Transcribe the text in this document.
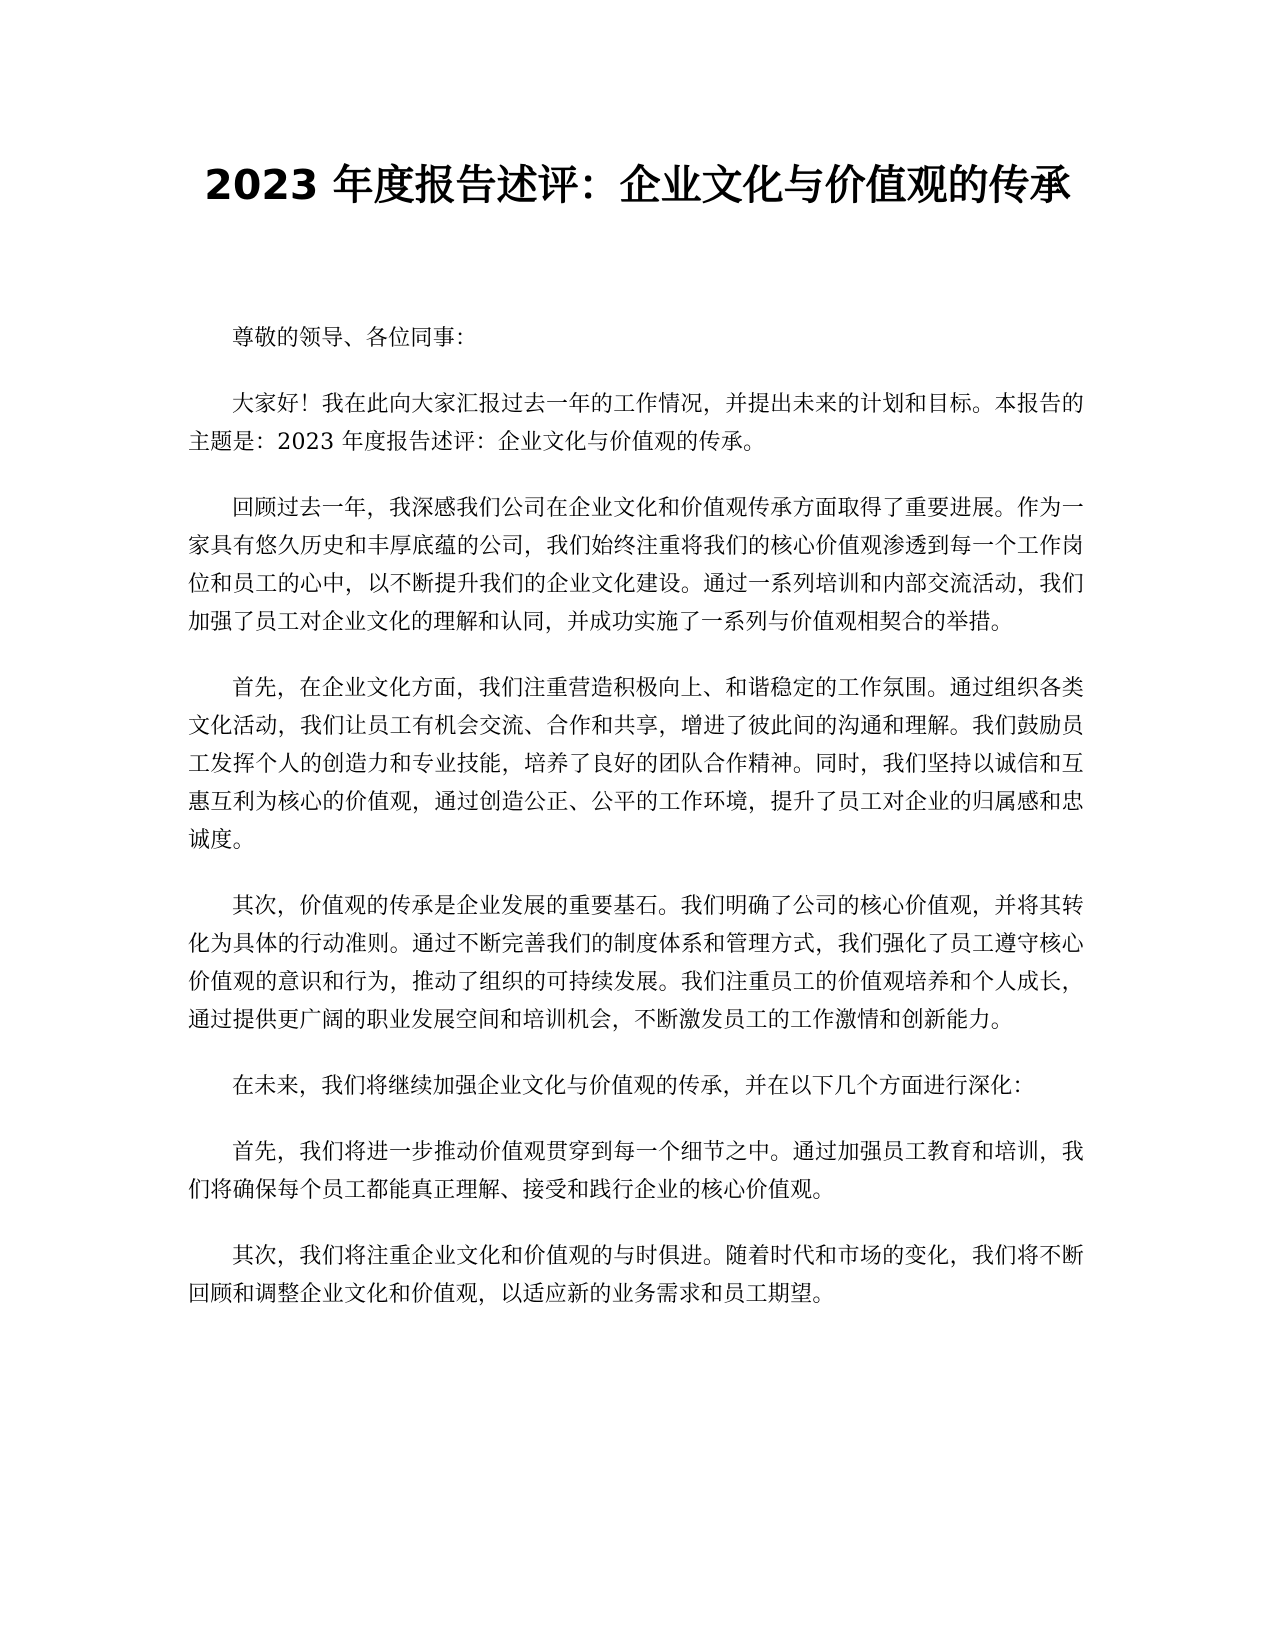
2023 年度报告述评：企业文化与价值观的传承

尊敬的领导、各位同事：

大家好！我在此向大家汇报过去一年的工作情况，并提出未来的计划和目标。本报告的主题是：2023 年度报告述评：企业文化与价值观的传承。

回顾过去一年，我深感我们公司在企业文化和价值观传承方面取得了重要进展。作为一家具有悠久历史和丰厚底蕴的公司，我们始终注重将我们的核心价值观渗透到每一个工作岗位和员工的心中，以不断提升我们的企业文化建设。通过一系列培训和内部交流活动，我们加强了员工对企业文化的理解和认同，并成功实施了一系列与价值观相契合的举措。

首先，在企业文化方面，我们注重营造积极向上、和谐稳定的工作氛围。通过组织各类文化活动，我们让员工有机会交流、合作和共享，增进了彼此间的沟通和理解。我们鼓励员工发挥个人的创造力和专业技能，培养了良好的团队合作精神。同时，我们坚持以诚信和互惠互利为核心的价值观，通过创造公正、公平的工作环境，提升了员工对企业的归属感和忠诚度。

其次，价值观的传承是企业发展的重要基石。我们明确了公司的核心价值观，并将其转化为具体的行动准则。通过不断完善我们的制度体系和管理方式，我们强化了员工遵守核心价值观的意识和行为，推动了组织的可持续发展。我们注重员工的价值观培养和个人成长，通过提供更广阔的职业发展空间和培训机会，不断激发员工的工作激情和创新能力。

在未来，我们将继续加强企业文化与价值观的传承，并在以下几个方面进行深化：

首先，我们将进一步推动价值观贯穿到每一个细节之中。通过加强员工教育和培训，我们将确保每个员工都能真正理解、接受和践行企业的核心价值观。

其次，我们将注重企业文化和价值观的与时俱进。随着时代和市场的变化，我们将不断回顾和调整企业文化和价值观，以适应新的业务需求和员工期望。
